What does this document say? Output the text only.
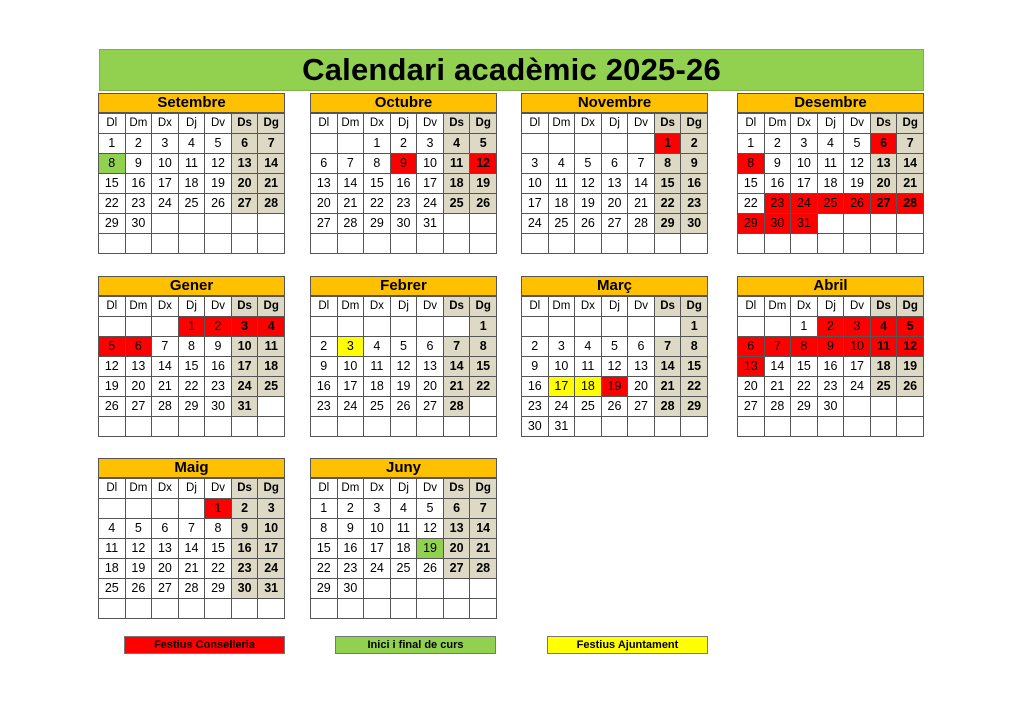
Calendari acadèmic 2025-26
Setembre
Dl	Dm	Dx	Dj	Dv	Ds	Dg
1	2	3	4	5	6	7
8	9	10	11	12	13	14
15	16	17	18	19	20	21
22	23	24	25	26	27	28
29	30					

Octubre
Dl	Dm	Dx	Dj	Dv	Ds	Dg
		1	2	3	4	5
6	7	8	9	10	11	12
13	14	15	16	17	18	19
20	21	22	23	24	25	26
27	28	29	30	31		

Novembre
Dl	Dm	Dx	Dj	Dv	Ds	Dg
					1	2
3	4	5	6	7	8	9
10	11	12	13	14	15	16
17	18	19	20	21	22	23
24	25	26	27	28	29	30

Desembre
Dl	Dm	Dx	Dj	Dv	Ds	Dg
1	2	3	4	5	6	7
8	9	10	11	12	13	14
15	16	17	18	19	20	21
22	23	24	25	26	27	28
29	30	31				

Gener
Dl	Dm	Dx	Dj	Dv	Ds	Dg
			1	2	3	4
5	6	7	8	9	10	11
12	13	14	15	16	17	18
19	20	21	22	23	24	25
26	27	28	29	30	31	

Febrer
Dl	Dm	Dx	Dj	Dv	Ds	Dg
						1
2	3	4	5	6	7	8
9	10	11	12	13	14	15
16	17	18	19	20	21	22
23	24	25	26	27	28	

Març
Dl	Dm	Dx	Dj	Dv	Ds	Dg
						1
2	3	4	5	6	7	8
9	10	11	12	13	14	15
16	17	18	19	20	21	22
23	24	25	26	27	28	29
30	31					
Abril
Dl	Dm	Dx	Dj	Dv	Ds	Dg
		1	2	3	4	5
6	7	8	9	10	11	12
13	14	15	16	17	18	19
20	21	22	23	24	25	26
27	28	29	30			

Maig
Dl	Dm	Dx	Dj	Dv	Ds	Dg
				1	2	3
4	5	6	7	8	9	10
11	12	13	14	15	16	17
18	19	20	21	22	23	24
25	26	27	28	29	30	31

Juny
Dl	Dm	Dx	Dj	Dv	Ds	Dg
1	2	3	4	5	6	7
8	9	10	11	12	13	14
15	16	17	18	19	20	21
22	23	24	25	26	27	28
29	30					

Festius Conselleria	Inici i final de curs	Festius Ajuntament
